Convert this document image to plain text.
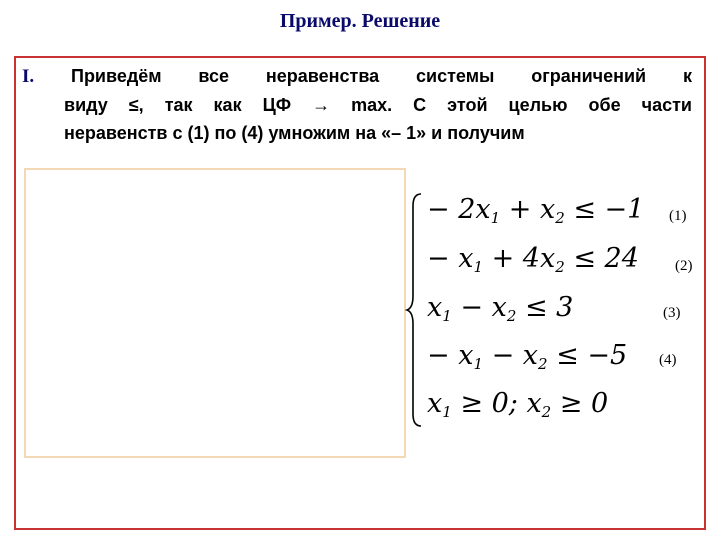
Пример. Решение
I. Приведём все неравенства системы ограничений к
виду ≤, так как ЦФ → max. С этой целью обе части
неравенств с (1) по (4) умножим на «– 1» и получим
− $2x_1 + x_2 \le -1$ (1)
− $x_1 + 4x_2 \le 24$ (2)
$x_1 - x_2 \le 3$	(3)
− $x_1 - x_2 \le -5$ (4)
$x_1 \ge 0$; $x_2 \ge 0$
